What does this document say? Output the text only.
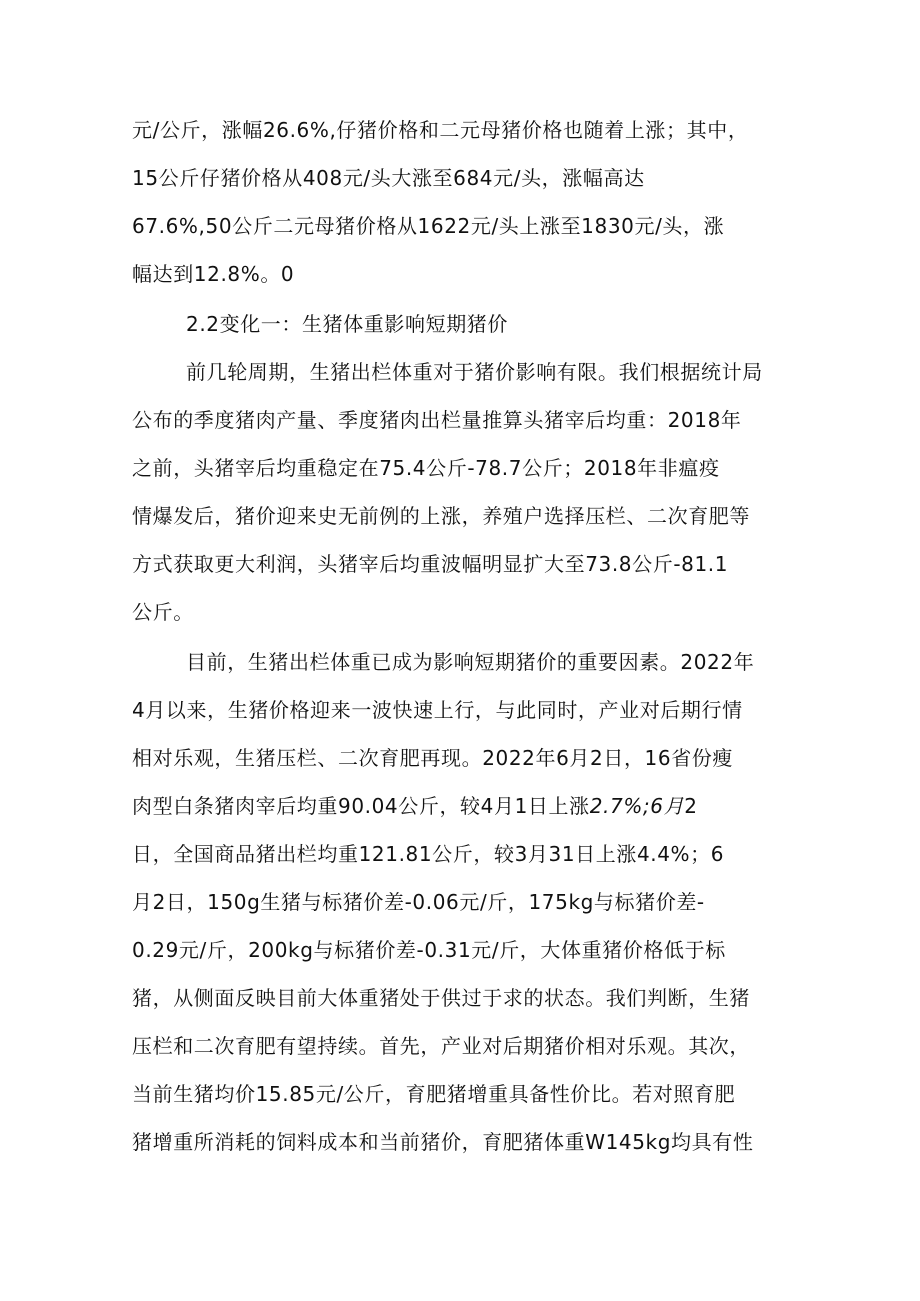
元/公斤，涨幅26.6%,仔猪价格和二元母猪价格也随着上涨；其中，
15公斤仔猪价格从408元/头大涨至684元/头，涨幅高达
67.6%,50公斤二元母猪价格从1622元/头上涨至1830元/头，涨
幅达到12.8%。0
2.2变化一：生猪体重影响短期猪价
前几轮周期，生猪出栏体重对于猪价影响有限。我们根据统计局
公布的季度猪肉产量、季度猪肉出栏量推算头猪宰后均重：2018年
之前，头猪宰后均重稳定在75.4公斤-78.7公斤；2018年非瘟疫
情爆发后，猪价迎来史无前例的上涨，养殖户选择压栏、二次育肥等
方式获取更大利润，头猪宰后均重波幅明显扩大至73.8公斤-81.1
公斤。
目前，生猪出栏体重已成为影响短期猪价的重要因素。2022年
4月以来，生猪价格迎来一波快速上行，与此同时，产业对后期行情
相对乐观，生猪压栏、二次育肥再现。2022年6月2日，16省份瘦
肉型白条猪肉宰后均重90.04公斤，较4月1日上涨2.7%;6月2
日，全国商品猪出栏均重121.81公斤，较3月31日上涨4.4%；6
月2日，150g生猪与标猪价差-0.06元/斤，175kg与标猪价差-
0.29元/斤，200kg与标猪价差-0.31元/斤，大体重猪价格低于标
猪，从侧面反映目前大体重猪处于供过于求的状态。我们判断，生猪
压栏和二次育肥有望持续。首先，产业对后期猪价相对乐观。其次，
当前生猪均价15.85元/公斤，育肥猪增重具备性价比。若对照育肥
猪增重所消耗的饲料成本和当前猪价，育肥猪体重W145kg均具有性
